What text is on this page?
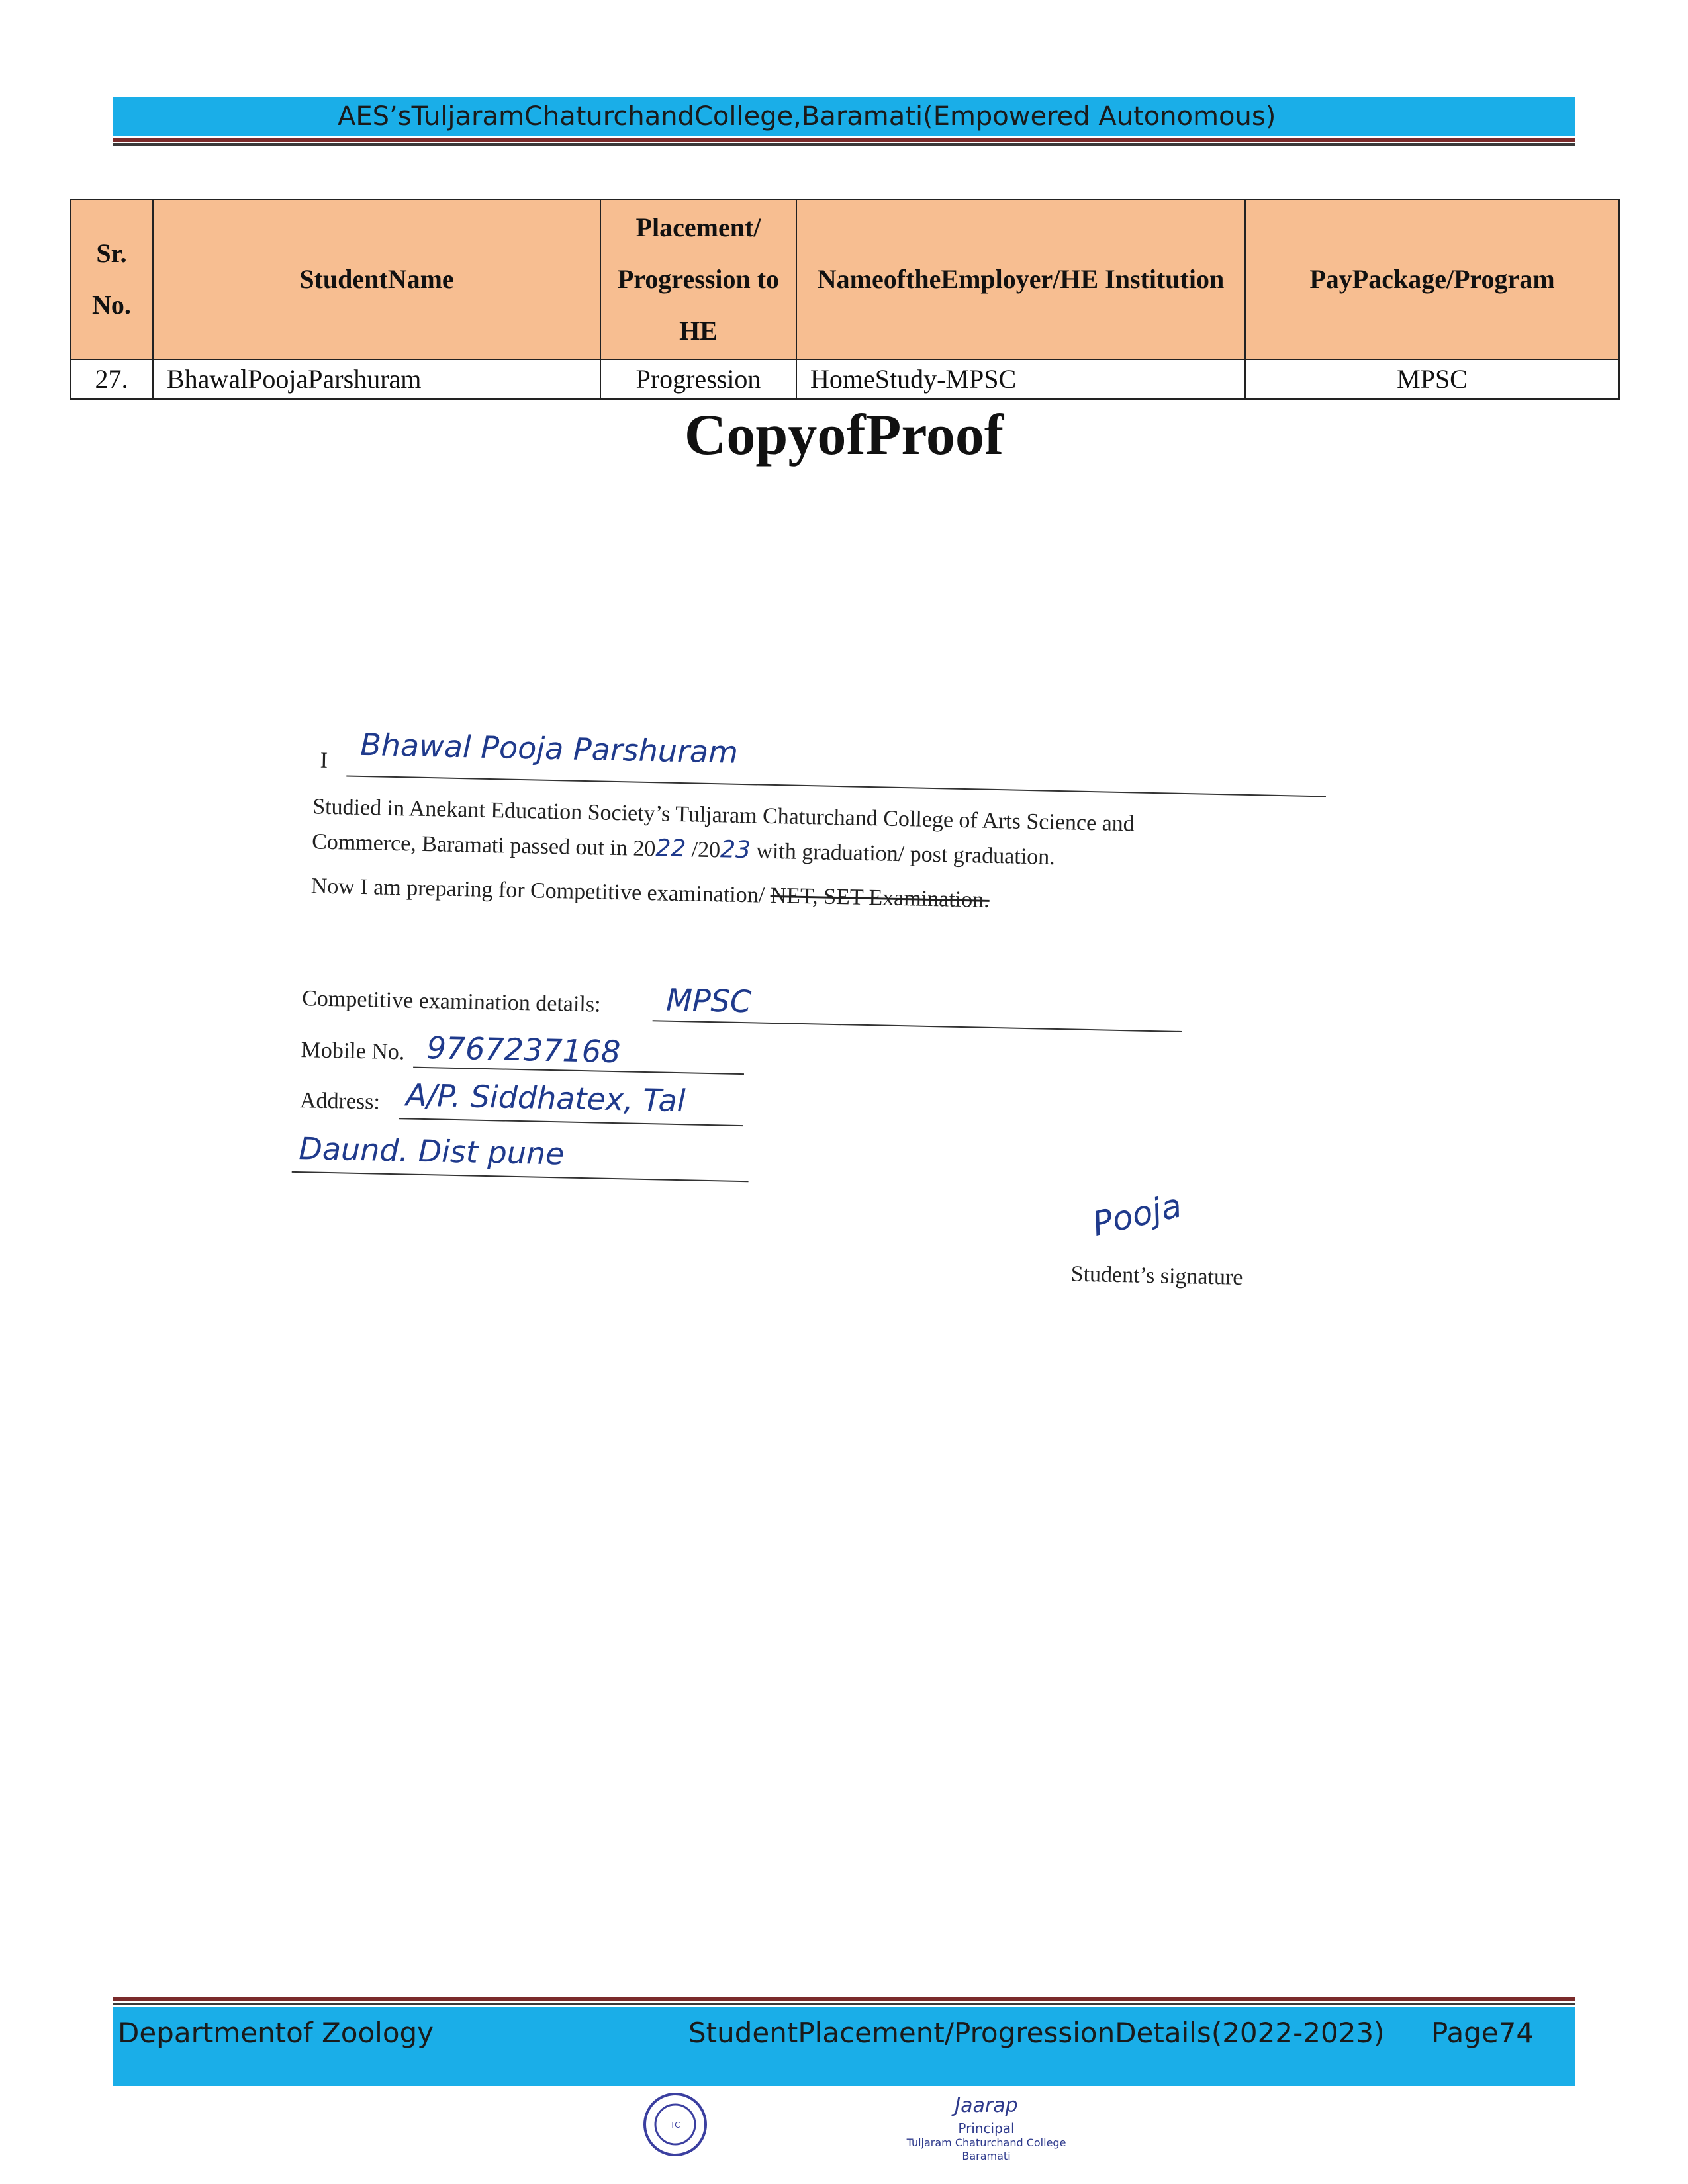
AES’sTuljaramChaturchandCollege,Baramati(Empowered Autonomous)
Sr. No.	StudentName	Placement/ Progression to HE	NameoftheEmployer/HE Institution	PayPackage/Program
27.	BhawalPoojaParshuram	Progression	HomeStudy-MPSC	MPSC
CopyofProof
I Bhawal Pooja Parshuram
Studied in Anekant Education Society’s Tuljaram Chaturchand College of Arts Science and
Commerce, Baramati passed out in 2022 /2023 with graduation/ post graduation.
Now I am preparing for Competitive examination/ NET, SET Examination.
Competitive examination details: MPSC
Mobile No. 9767237168
Address: A/P. Siddhatex, Tal
Daund. Dist pune
Pooja
Student’s signature
Departmentof Zoology	StudentPlacement/ProgressionDetails(2022-2023) Page74
TC
Jaarap
Principal
Tuljaram Chaturchand College
Baramati
